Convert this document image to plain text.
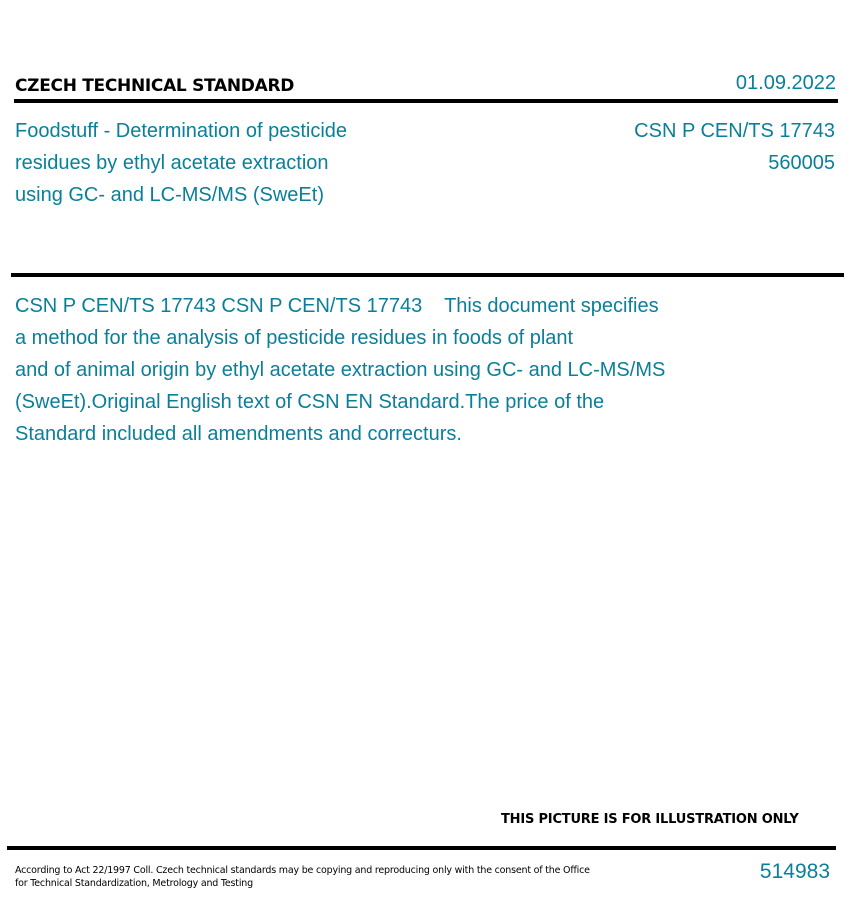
CZECH TECHNICAL STANDARD	01.09.2022
Foodstuff - Determination of pesticide
residues by ethyl acetate extraction
using GC- and LC-MS/MS (SweEt)
CSN P CEN/TS 17743
560005
CSN P CEN/TS 17743 CSN P CEN/TS 17743    This document specifies
a method for the analysis of pesticide residues in foods of plant
and of animal origin by ethyl acetate extraction using GC- and LC-MS/MS
(SweEt).Original English text of CSN EN Standard.The price of the
Standard included all amendments and correcturs.
THIS PICTURE IS FOR ILLUSTRATION ONLY
According to Act 22/1997 Coll. Czech technical standards may be copying and reproducing only with the consent of the Office
for Technical Standardization, Metrology and Testing
514983
